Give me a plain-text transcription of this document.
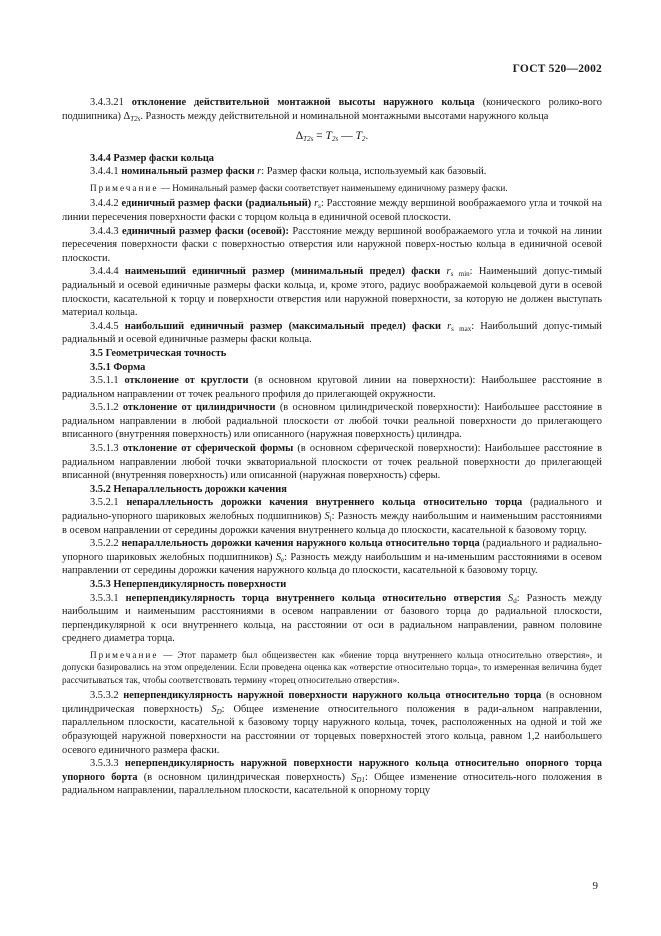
ГОСТ 520—2002

3.4.3.21 отклонение действительной монтажной высоты наружного кольца (конического ролико-вого подшипника) $\Delta_{T2s}$. Разность между действительной и номинальной монтажными высотами наружного кольца

$\Delta_{T2s} = T_{2s}$ — $T_2$.

3.4.4 Размер фаски кольца

3.4.4.1 номинальный размер фаски r: Размер фаски кольца, используемый как базовый.

Примечание — Номинальный размер фаски соответствует наименьшему единичному размеру фаски.

3.4.4.2 единичный размер фаски (радиальный) $r_s$: Расстояние между вершиной воображаемого угла и точкой на линии пересечения поверхности фаски с торцом кольца в единичной осевой плоскости.

3.4.4.3 единичный размер фаски (осевой): Расстояние между вершиной воображаемого угла и точкой на линии пересечения поверхности фаски с поверхностью отверстия или наружной поверх-ностью кольца в единичной осевой плоскости.

3.4.4.4 наименьший единичный размер (минимальный предел) фаски $r_{s min}$: Наименьший допус-тимый радиальный и осевой единичные размеры фаски кольца, и, кроме этого, радиус воображаемой кольцевой дуги в осевой плоскости, касательной к торцу и поверхности отверстия или наружной поверхности, за которую не должен выступать материал кольца.

3.4.4.5 наибольший единичный размер (максимальный предел) фаски $r_{s max}$: Наибольший допус-тимый радиальный и осевой единичные размеры фаски кольца.

3.5 Геометрическая точность

3.5.1 Форма

3.5.1.1 отклонение от круглости (в основном круговой линии на поверхности): Наибольшее расстояние в радиальном направлении от точек реального профиля до прилегающей окружности.

3.5.1.2 отклонение от цилиндричности (в основном цилиндрической поверхности): Наибольшее расстояние в радиальном направлении в любой радиальной плоскости от любой точки реальной поверхности до прилегающего вписанного (внутренняя поверхность) или описанного (наружная поверхность) цилиндра.

3.5.1.3 отклонение от сферической формы (в основном сферической поверхности): Наибольшее расстояние в радиальном направлении любой точки экваториальной плоскости от точек реальной поверхности до прилегающей вписанной (внутренняя поверхность) или описанной (наружная поверхность) сферы.

3.5.2 Непараллельность дорожки качения

3.5.2.1 непараллельность дорожки качения внутреннего кольца относительно торца (радиального и радиально-упорного шариковых желобных подшипников) $S_i$: Разность между наибольшим и наименьшим расстояниями в осевом направлении от середины дорожки качения внутреннего кольца до плоскости, касательной к базовому торцу.

3.5.2.2 непараллельность дорожки качения наружного кольца относительно торца (радиального и радиально-упорного шариковых желобных подшипников) $S_e$: Разность между наибольшим и на-именьшим расстояниями в осевом направлении от середины дорожки качения наружного кольца до плоскости, касательной к базовому торцу.

3.5.3 Неперпендикулярность поверхности

3.5.3.1 неперпендикулярность торца внутреннего кольца относительно отверстия $S_d$: Разность между наибольшим и наименьшим расстояниями в осевом направлении от базового торца до радиальной плоскости, перпендикулярной к оси внутреннего кольца, на расстоянии от оси в радиальном направлении, равном половине среднего диаметра торца.

Примечание — Этот параметр был общеизвестен как «биение торца внутреннего кольца относительно отверстия», и допуски базировались на этом определении. Если проведена оценка как «отверстие относительно торца», то измеренная величина будет рассчитываться так, чтобы соответствовать термину «торец относительно отверстия».

3.5.3.2 неперпендикулярность наружной поверхности наружного кольца относительно торца (в основном цилиндрическая поверхность) $S_D$: Общее изменение относительного положения в ради-альном направлении, параллельном плоскости, касательной к базовому торцу наружного кольца, точек, расположенных на одной и той же образующей наружной поверхности на расстоянии от торцевых поверхностей этого кольца, равном 1,2 наибольшего осевого единичного размера фаски.

3.5.3.3 неперпендикулярность наружной поверхности наружного кольца относительно опорного торца упорного борта (в основном цилиндрическая поверхность) $S_{D1}$: Общее изменение относитель-ного положения в радиальном направлении, параллельном плоскости, касательной к опорному торцу

9
